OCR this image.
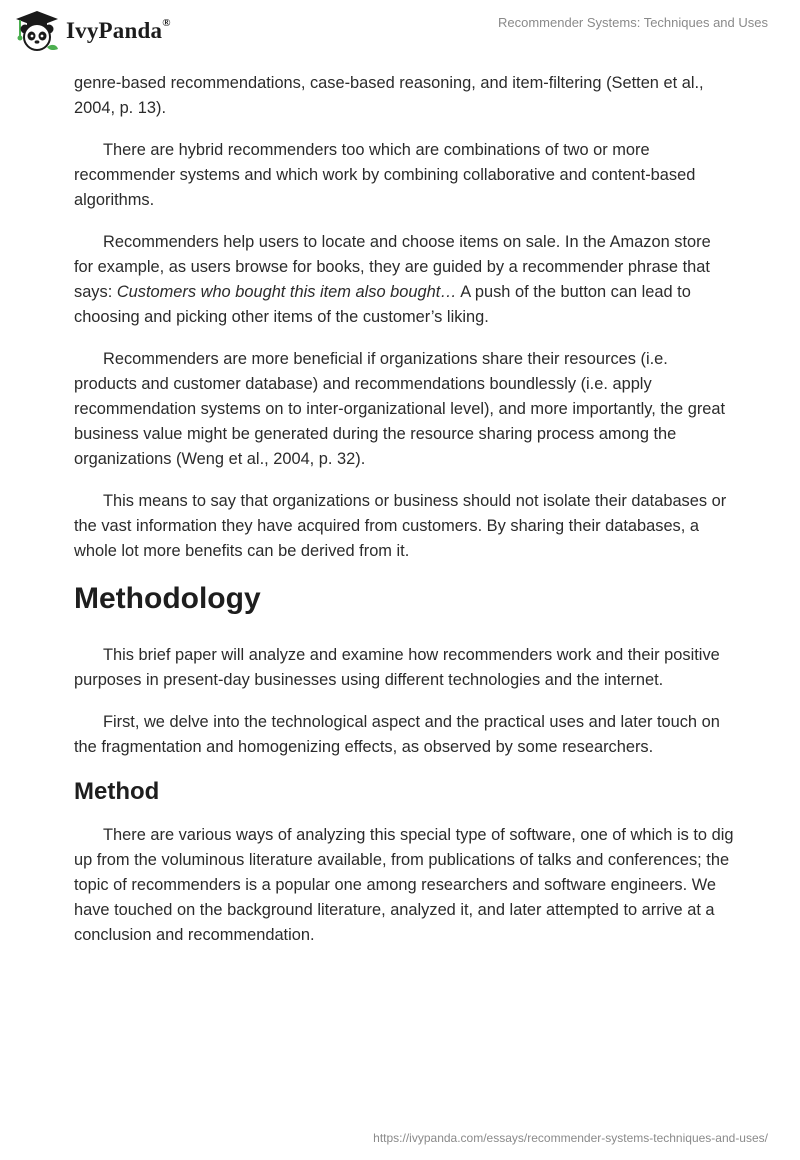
IvyPanda®	Recommender Systems: Techniques and Uses

genre-based recommendations, case-based reasoning, and item-filtering (Setten et al., 2004, p. 13).

There are hybrid recommenders too which are combinations of two or more recommender systems and which work by combining collaborative and content-based algorithms.

Recommenders help users to locate and choose items on sale. In the Amazon store for example, as users browse for books, they are guided by a recommender phrase that says: Customers who bought this item also bought… A push of the button can lead to choosing and picking other items of the customer’s liking.

Recommenders are more beneficial if organizations share their resources (i.e. products and customer database) and recommendations boundlessly (i.e. apply recommendation systems on to inter-organizational level), and more importantly, the great business value might be generated during the resource sharing process among the organizations (Weng et al., 2004, p. 32).

This means to say that organizations or business should not isolate their databases or the vast information they have acquired from customers. By sharing their databases, a whole lot more benefits can be derived from it.

Methodology

This brief paper will analyze and examine how recommenders work and their positive purposes in present-day businesses using different technologies and the internet.

First, we delve into the technological aspect and the practical uses and later touch on the fragmentation and homogenizing effects, as observed by some researchers.

Method

There are various ways of analyzing this special type of software, one of which is to dig up from the voluminous literature available, from publications of talks and conferences; the topic of recommenders is a popular one among researchers and software engineers. We have touched on the background literature, analyzed it, and later attempted to arrive at a conclusion and recommendation.

https://ivypanda.com/essays/recommender-systems-techniques-and-uses/
